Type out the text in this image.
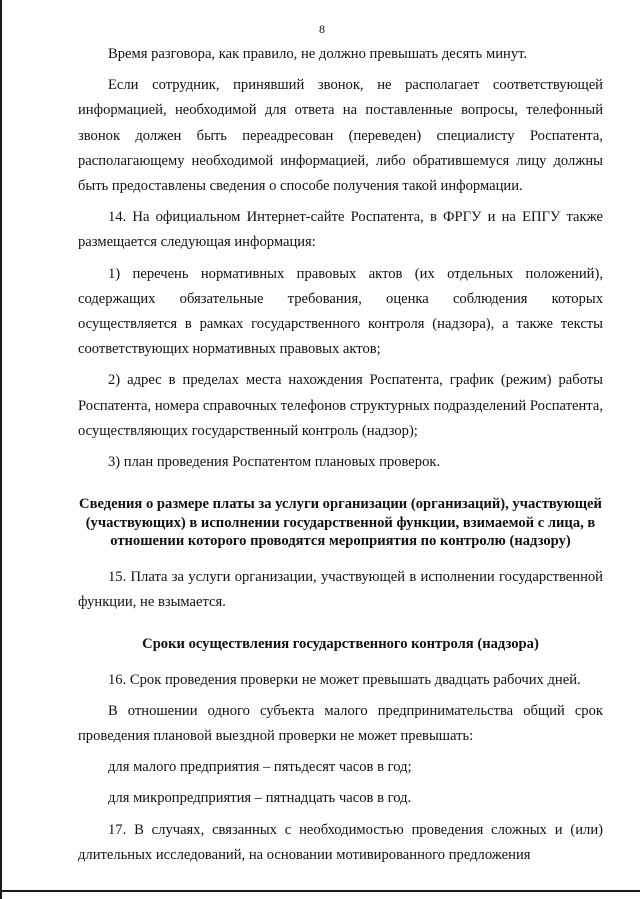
8

Время разговора, как правило, не должно превышать десять минут.

Если сотрудник, принявший звонок, не располагает соответствующей информацией, необходимой для ответа на поставленные вопросы, телефонный звонок должен быть переадресован (переведен) специалисту Роспатента, располагающему необходимой информацией, либо обратившемуся лицу должны быть предоставлены сведения о способе получения такой информации.

14. На официальном Интернет-сайте Роспатента, в ФРГУ и на ЕПГУ также размещается следующая информация:

1) перечень нормативных правовых актов (их отдельных положений), содержащих обязательные требования, оценка соблюдения которых осуществляется в рамках государственного контроля (надзора), а также тексты соответствующих нормативных правовых актов;

2) адрес в пределах места нахождения Роспатента, график (режим) работы Роспатента, номера справочных телефонов структурных подразделений Роспатента, осуществляющих государственный контроль (надзор);

3) план проведения Роспатентом плановых проверок.

Сведения о размере платы за услуги организации (организаций), участвующей (участвующих) в исполнении государственной функции, взимаемой с лица, в отношении которого проводятся мероприятия по контролю (надзору)

15. Плата за услуги организации, участвующей в исполнении государственной функции, не взымается.

Сроки осуществления государственного контроля (надзора)

16. Срок проведения проверки не может превышать двадцать рабочих дней.

В отношении одного субъекта малого предпринимательства общий срок проведения плановой выездной проверки не может превышать:

для малого предприятия – пятьдесят часов в год;

для микропредприятия – пятнадцать часов в год.

17. В случаях, связанных с необходимостью проведения сложных и (или) длительных исследований, на основании мотивированного предложения
